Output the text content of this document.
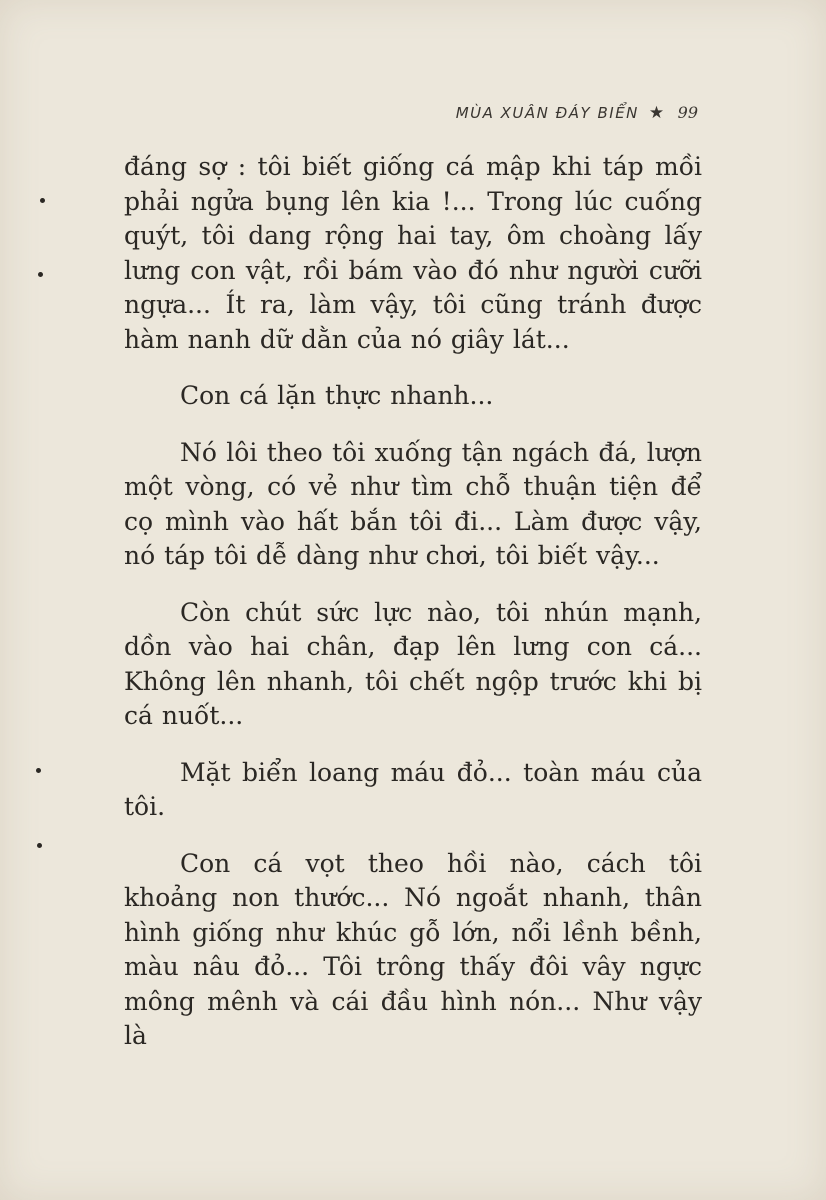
MÙA XUÂN ĐÁY BIỂN ★ 99

đáng sợ : tôi biết giống cá mập khi táp mồi phải ngửa bụng lên kia !... Trong lúc cuống quýt, tôi dang rộng hai tay, ôm choàng lấy lưng con vật, rồi bám vào đó như người cưỡi ngựa... Ít ra, làm vậy, tôi cũng tránh được hàm nanh dữ dằn của nó giây lát...

Con cá lặn thực nhanh...

Nó lôi theo tôi xuống tận ngách đá, lượn một vòng, có vẻ như tìm chỗ thuận tiện để cọ mình vào hất bắn tôi đi... Làm được vậy, nó táp tôi dễ dàng như chơi, tôi biết vậy...

Còn chút sức lực nào, tôi nhún mạnh, dồn vào hai chân, đạp lên lưng con cá... Không lên nhanh, tôi chết ngộp trước khi bị cá nuốt...

Mặt biển loang máu đỏ... toàn máu của tôi.

Con cá vọt theo hồi nào, cách tôi khoảng non thước... Nó ngoắt nhanh, thân hình giống như khúc gỗ lớn, nổi lềnh bềnh, màu nâu đỏ... Tôi trông thấy đôi vây ngực mông mênh và cái đầu hình nón... Như vậy là
